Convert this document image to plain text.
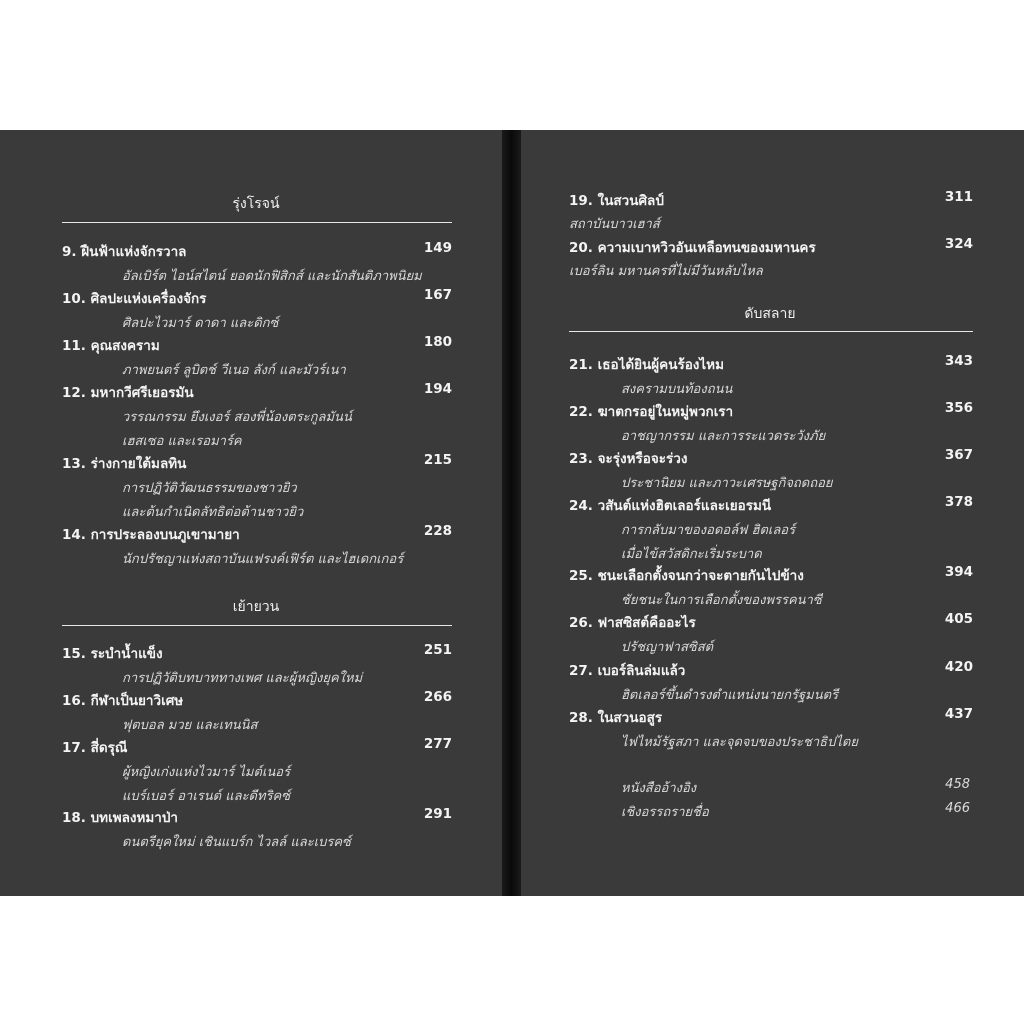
รุ่งโรจน์
9. ฝืนฟ้าแห่งจักรวาล	149
อัลเบิร์ต ไอน์สไตน์ ยอดนักฟิสิกส์ และนักสันติภาพนิยม
10. ศิลปะแห่งเครื่องจักร	167
ศิลปะไวมาร์ ดาดา และดิกซ์
11. คุณสงคราม	180
ภาพยนตร์ ลูบิตช์ วีเนอ ลังก์ และมัวร์เนา
12. มหากวีศรีเยอรมัน	194
วรรณกรรม ยึงเงอร์ สองพี่น้องตระกูลมันน์
เฮสเซอ และเรอมาร์ค
13. ร่างกายใต้มลทิน	215
การปฏิวัติวัฒนธรรมของชาวยิว
และต้นกำเนิดลัทธิต่อต้านชาวยิว
14. การประลองบนภูเขามายา	228
นักปรัชญาแห่งสถาบันแฟรงค์เฟิร์ต และไฮเดกเกอร์
เย้ายวน
15. ระบำน้ำแข็ง	251
การปฏิวัติบทบาททางเพศ และผู้หญิงยุคใหม่
16. กีฬาเป็นยาวิเศษ	266
ฟุตบอล มวย และเทนนิส
17. สี่ดรุณี	277
ผู้หญิงเก่งแห่งไวมาร์ ไมต์เนอร์
แบร์เบอร์ อาเรนต์ และดีทริคซ์
18. บทเพลงหมาป่า	291
ดนตรียุคใหม่ เชินแบร์ก ไวลล์ และเบรคซ์
19. ในสวนศิลป์	311
สถาบันบาวเฮาส์
20. ความเบาหวิวอันเหลือทนของมหานคร	324
เบอร์ลิน มหานครที่ไม่มีวันหลับไหล
ดับสลาย
21. เธอได้ยินผู้คนร้องไหม	343
สงครามบนท้องถนน
22. ฆาตกรอยู่ในหมู่พวกเรา	356
อาชญากรรม และการระแวดระวังภัย
23. จะรุ่งหรือจะร่วง	367
ประชานิยม และภาวะเศรษฐกิจถดถอย
24. วสันต์แห่งฮิตเลอร์และเยอรมนี	378
การกลับมาของอดอล์ฟ ฮิตเลอร์
เมื่อไข้สวัสดิกะเริ่มระบาด
25. ชนะเลือกตั้งจนกว่าจะตายกันไปข้าง	394
ชัยชนะในการเลือกตั้งของพรรคนาซี
26. ฟาสซิสต์คืออะไร	405
ปรัชญาฟาสซิสต์
27. เบอร์ลินล่มแล้ว	420
ฮิตเลอร์ขึ้นดำรงตำแหน่งนายกรัฐมนตรี
28. ในสวนอสูร	437
ไฟไหม้รัฐสภา และจุดจบของประชาธิปไตย
หนังสืออ้างอิง	458
เชิงอรรถรายชื่อ	466
